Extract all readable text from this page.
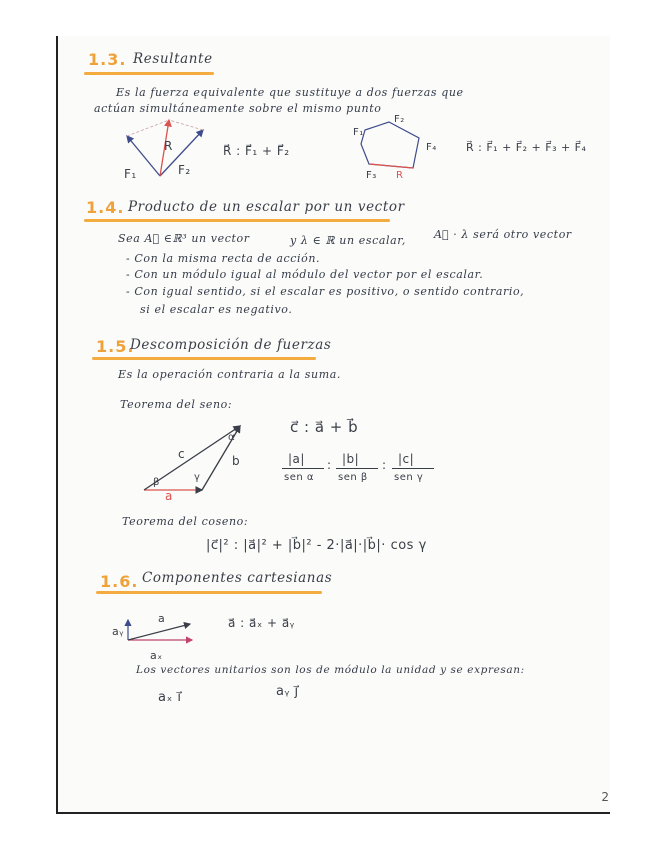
1.3. Resultante
Es la fuerza equivalente que sustituye a dos fuerzas que
actúan simultáneamente sobre el mismo punto
F₁	F₂
R	R⃗ : F⃗₁ + F⃗₂
F₁
F₂
F₃
F₄
R
R⃗ : F⃗₁ + F⃗₂ + F⃗₃ + F⃗₄
1.4. Producto de un escalar por un vector
Sea A⃗ ∈ℝ³ un vector	y λ ∈ ℝ un escalar,	A⃗ · λ será otro vector
- Con la misma recta de acción.
- Con un módulo igual al módulo del vector por el escalar.
- Con igual sentido, si el escalar es positivo, o sentido contrario,
si el escalar es negativo.
1.5.
Descomposición de fuerzas
Es la operación contraria a la suma.
Teorema del seno:
c	b
a
α
β	γ
c⃗ : a⃗ + b⃗
|a|
sen α
: |b|
sen β
: |c|
sen γ
Teorema del coseno:
|c⃗|² : |a⃗|² + |b⃗|² - 2·|a⃗|·|b⃗|· cos γ
1.6. Componentes cartesianas
aᵧ
a
aₓ
a⃗ : a⃗ₓ + a⃗ᵧ
Los vectores unitarios son los de módulo la unidad y se expresan:
aₓ i⃗	aᵧ j⃗
2
